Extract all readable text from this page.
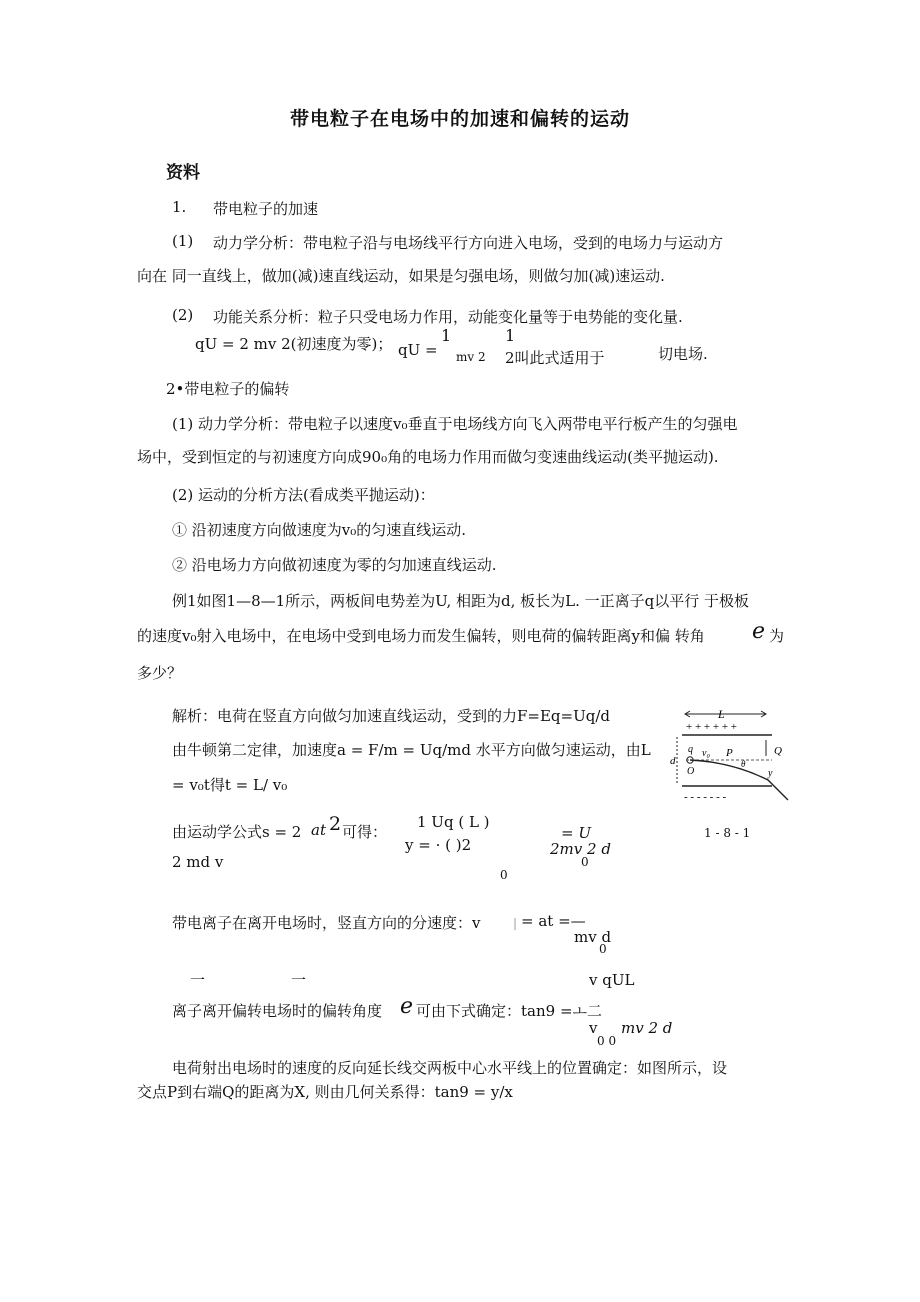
带电粒子在电场中的加速和偏转的运动
资料
1. 带电粒子的加速
(1) 动力学分析：带电粒子沿与电场线平行方向进入电场，受到的电场力与运动方
向在 同一直线上，做加(减)速直线运动，如果是匀强电场，则做匀加(减)速运动.
(2) 功能关系分析：粒子只受电场力作用，动能变化量等于电势能的变化量.
qU = 2 mv 2(初速度为零)；	1	1
qU = mv 2 2叫此式适用于	切电场.
2•带电粒子的偏转
(1) 动力学分析：带电粒子以速度v₀垂直于电场线方向飞入两带电平行板产生的匀强电
场中，受到恒定的与初速度方向成90₀角的电场力作用而做匀变速曲线运动(类平抛运动).
(2) 运动的分析方法(看成类平抛运动)：
① 沿初速度方向做速度为v₀的匀速直线运动.
② 沿电场力方向做初速度为零的匀加速直线运动.
例1如图1—8—1所示，两板间电势差为U, 相距为d, 板长为L. 一正离子q以平行 于极板
的速度v₀射入电场中，在电场中受到电场力而发生偏转，则电荷的偏转距离y和偏 转角 e 为
多少？
解析：电荷在竖直方向做匀加速直线运动，受到的力F=Eq=Uq/d
由牛顿第二定律，加速度a = F/m = Uq/md 水平方向做匀速运动，由L
= v₀t得t = L/ v₀
L
+ + + + + +
- - - - - - -
d
q v₀ P
O
θ
Q
y
由运动学公式s = 2 at 2 可得：
1 Uq ( L )
y = · ( )2
0
= U
2mv 2 d
0
1 - 8 - 1
2 md v
带电离子在离开电场时，竖直方向的分速度：v	| = at =—
mv d
0
一	一	v qUL
离子离开偏转电场时的偏转角度 e 可由下式确定：tan9 =ㅗ二
v mv 2 d
0 0
电荷射出电场时的速度的反向延长线交两板中心水平线上的位置确定：如图所示，设
交点P到右端Q的距离为X, 则由几何关系得：tan9 = y/x
